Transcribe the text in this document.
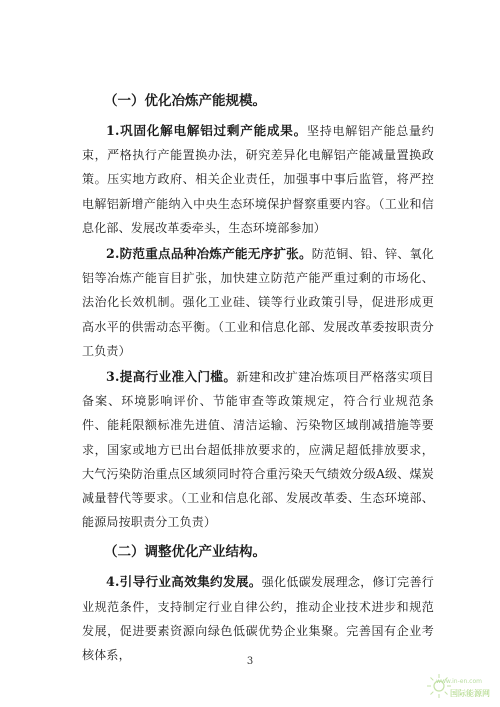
（一）优化冶炼产能规模。

1.巩固化解电解铝过剩产能成果。坚持电解铝产能总量约束，严格执行产能置换办法，研究差异化电解铝产能减量置换政策。压实地方政府、相关企业责任，加强事中事后监管，将严控电解铝新增产能纳入中央生态环境保护督察重要内容。（工业和信息化部、发展改革委牵头，生态环境部参加）

2.防范重点品种冶炼产能无序扩张。防范铜、铅、锌、氧化铝等冶炼产能盲目扩张，加快建立防范产能严重过剩的市场化、法治化长效机制。强化工业硅、镁等行业政策引导，促进形成更高水平的供需动态平衡。（工业和信息化部、发展改革委按职责分工负责）

3.提高行业准入门槛。新建和改扩建冶炼项目严格落实项目备案、环境影响评价、节能审查等政策规定，符合行业规范条件、能耗限额标准先进值、清洁运输、污染物区域削减措施等要求，国家或地方已出台超低排放要求的，应满足超低排放要求，大气污染防治重点区域须同时符合重污染天气绩效分级A级、煤炭减量替代等要求。（工业和信息化部、发展改革委、生态环境部、能源局按职责分工负责）

（二）调整优化产业结构。

4.引导行业高效集约发展。强化低碳发展理念，修订完善行业规范条件，支持制定行业自律公约，推动企业技术进步和规范发展，促进要素资源向绿色低碳优势企业集聚。完善国有企业考核体系，	3
www.in-en.com
国际能源网
